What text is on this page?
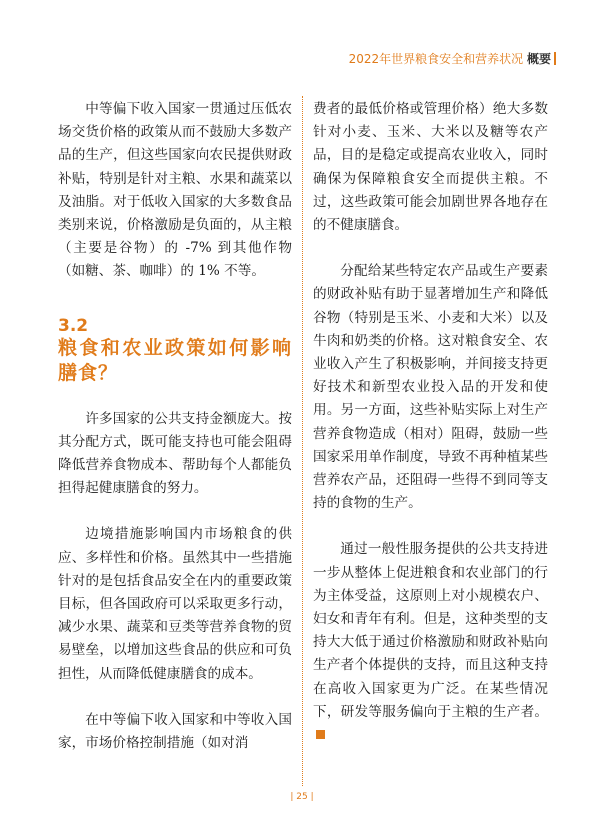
2022年世界粮食安全和营养状况 概要

中等偏下收入国家一贯通过压低农场交货价格的政策从而不鼓励大多数产品的生产，但这些国家向农民提供财政补贴，特别是针对主粮、水果和蔬菜以及油脂。对于低收入国家的大多数食品类别来说，价格激励是负面的，从主粮（主要是谷物）的 -7% 到其他作物（如糖、茶、咖啡）的 1% 不等。

3.2

粮食和农业政策如何影响膳食？

许多国家的公共支持金额庞大。按其分配方式，既可能支持也可能会阻碍降低营养食物成本、帮助每个人都能负担得起健康膳食的努力。

边境措施影响国内市场粮食的供应、多样性和价格。虽然其中一些措施针对的是包括食品安全在内的重要政策目标，但各国政府可以采取更多行动，减少水果、蔬菜和豆类等营养食物的贸易壁垒，以增加这些食品的供应和可负担性，从而降低健康膳食的成本。

在中等偏下收入国家和中等收入国家，市场价格控制措施（如对消

费者的最低价格或管理价格）绝大多数针对小麦、玉米、大米以及糖等农产品，目的是稳定或提高农业收入，同时确保为保障粮食安全而提供主粮。不过，这些政策可能会加剧世界各地存在的不健康膳食。

分配给某些特定农产品或生产要素的财政补贴有助于显著增加生产和降低谷物（特别是玉米、小麦和大米）以及牛肉和奶类的价格。这对粮食安全、农业收入产生了积极影响，并间接支持更好技术和新型农业投入品的开发和使用。另一方面，这些补贴实际上对生产营养食物造成（相对）阻碍，鼓励一些国家采用单作制度，导致不再种植某些营养农产品，还阻碍一些得不到同等支持的食物的生产。

通过一般性服务提供的公共支持进一步从整体上促进粮食和农业部门的行为主体受益，这原则上对小规模农户、妇女和青年有利。但是，这种类型的支持大大低于通过价格激励和财政补贴向生产者个体提供的支持，而且这种支持在高收入国家更为广泛。在某些情况下，研发等服务偏向于主粮的生产者。

| 25 |
